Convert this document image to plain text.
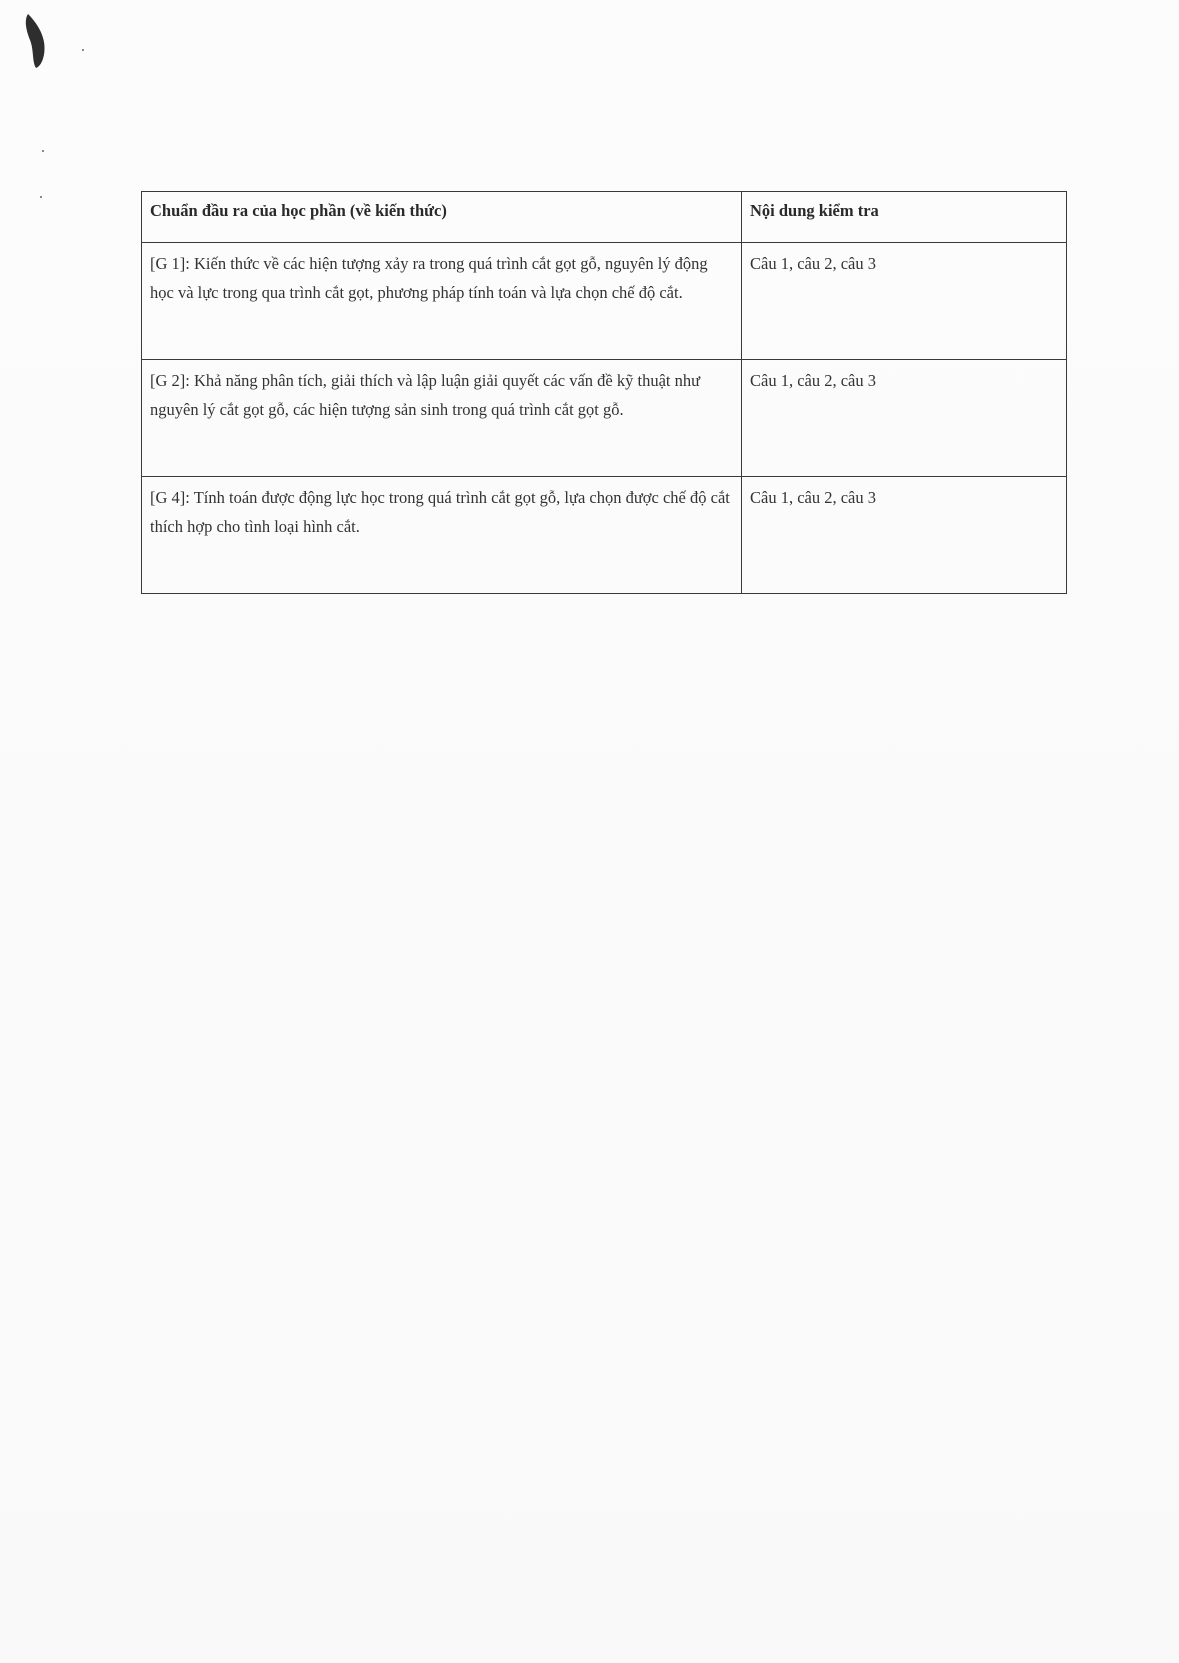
Chuẩn đầu ra của học phần (về kiến thức)	Nội dung kiểm tra
[G 1]: Kiến thức về các hiện tượng xảy ra trong quá trình cắt gọt gỗ, nguyên lý động học và lực trong qua trình cắt gọt, phương pháp tính toán và lựa chọn chế độ cắt.	Câu 1, câu 2, câu 3
[G 2]: Khả năng phân tích, giải thích và lập luận giải quyết các vấn đề kỹ thuật như nguyên lý cắt gọt gỗ, các hiện tượng sản sinh trong quá trình cắt gọt gỗ.	Câu 1, câu 2, câu 3
[G 4]: Tính toán được động lực học trong quá trình cắt gọt gỗ, lựa chọn được chế độ cắt thích hợp cho tình loại hình cắt.	Câu 1, câu 2, câu 3
